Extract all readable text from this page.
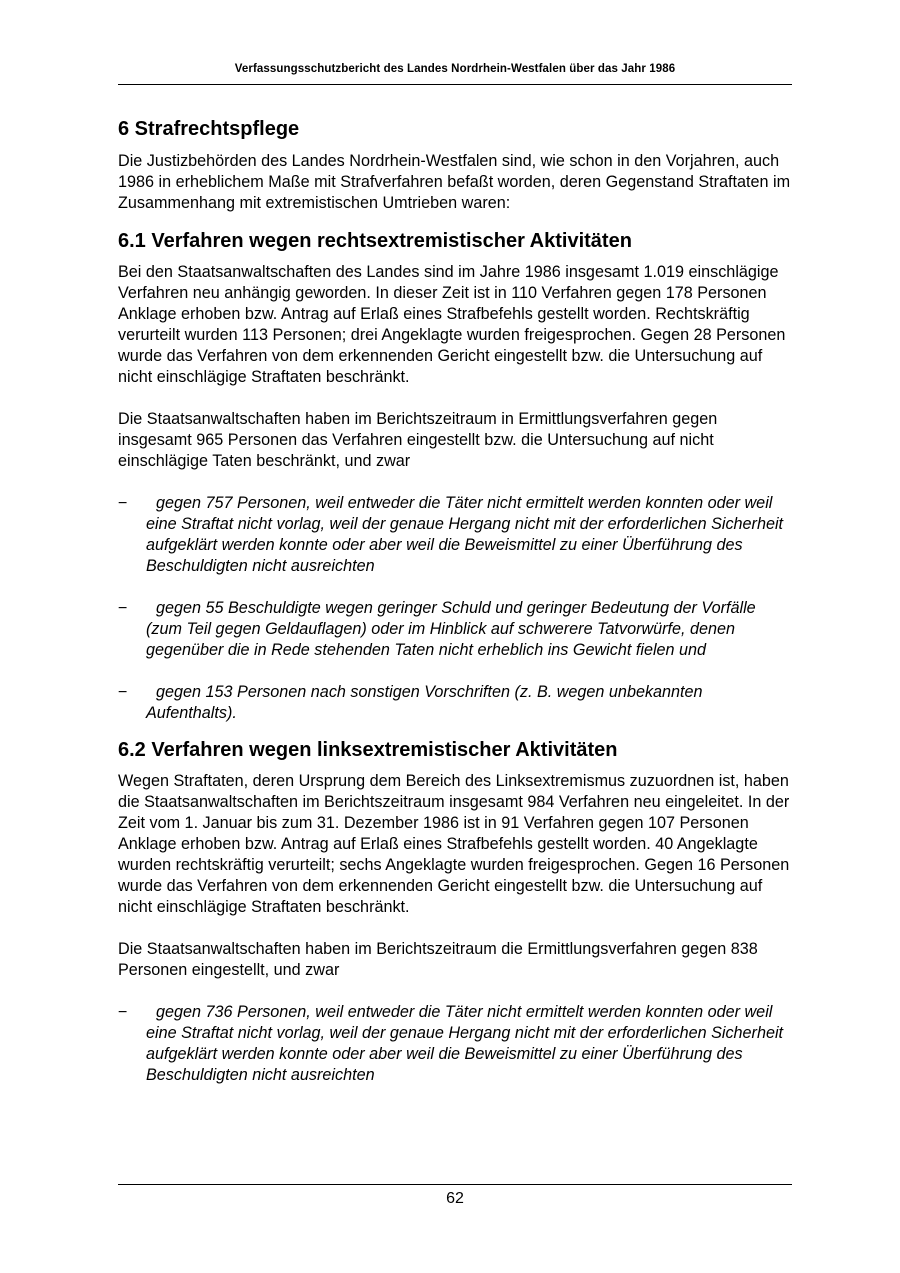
Verfassungsschutzbericht des Landes Nordrhein-Westfalen über das Jahr 1986
6 Strafrechtspflege

Die Justizbehörden des Landes Nordrhein-Westfalen sind, wie schon in den Vorjahren, auch 1986 in erheblichem Maße mit Strafverfahren befaßt worden, deren Gegenstand Straftaten im Zusammenhang mit extremistischen Umtrieben waren:

6.1 Verfahren wegen rechtsextremistischer Aktivitäten

Bei den Staatsanwaltschaften des Landes sind im Jahre 1986 insgesamt 1.019 einschlägige Verfahren neu anhängig geworden. In dieser Zeit ist in 110 Verfahren gegen 178 Personen Anklage erhoben bzw. Antrag auf Erlaß eines Strafbefehls gestellt worden. Rechtskräftig verurteilt wurden 113 Personen; drei Angeklagte wurden freigesprochen. Gegen 28 Personen wurde das Verfahren von dem erkennenden Gericht eingestellt bzw. die Untersuchung auf nicht einschlägige Straftaten beschränkt.

Die Staatsanwaltschaften haben im Berichtszeitraum in Ermittlungsverfahren gegen insgesamt 965 Personen das Verfahren eingestellt bzw. die Untersuchung auf nicht einschlägige Taten beschränkt, und zwar

− gegen 757 Personen, weil entweder die Täter nicht ermittelt werden konnten oder weil eine Straftat nicht vorlag, weil der genaue Hergang nicht mit der erforderlichen Sicherheit aufgeklärt werden konnte oder aber weil die Beweismittel zu einer Überführung des Beschuldigten nicht ausreichten
− gegen 55 Beschuldigte wegen geringer Schuld und geringer Bedeutung der Vorfälle (zum Teil gegen Geldauflagen) oder im Hinblick auf schwerere Tatvorwürfe, denen gegenüber die in Rede stehenden Taten nicht erheblich ins Gewicht fielen und
− gegen 153 Personen nach sonstigen Vorschriften (z. B. wegen unbekannten Aufenthalts).
6.2 Verfahren wegen linksextremistischer Aktivitäten

Wegen Straftaten, deren Ursprung dem Bereich des Linksextremismus zuzuordnen ist, haben die Staatsanwaltschaften im Berichtszeitraum insgesamt 984 Verfahren neu eingeleitet. In der Zeit vom 1. Januar bis zum 31. Dezember 1986 ist in 91 Verfahren gegen 107 Personen Anklage erhoben bzw. Antrag auf Erlaß eines Strafbefehls gestellt worden. 40 Angeklagte wurden rechtskräftig verurteilt; sechs Angeklagte wurden freigesprochen. Gegen 16 Personen wurde das Verfahren von dem erkennenden Gericht eingestellt bzw. die Untersuchung auf nicht einschlägige Straftaten beschränkt.

Die Staatsanwaltschaften haben im Berichtszeitraum die Ermittlungsverfahren gegen 838 Personen eingestellt, und zwar

− gegen 736 Personen, weil entweder die Täter nicht ermittelt werden konnten oder weil eine Straftat nicht vorlag, weil der genaue Hergang nicht mit der erforderlichen Sicherheit aufgeklärt werden konnte oder aber weil die Beweismittel zu einer Überführung des Beschuldigten nicht ausreichten
62
